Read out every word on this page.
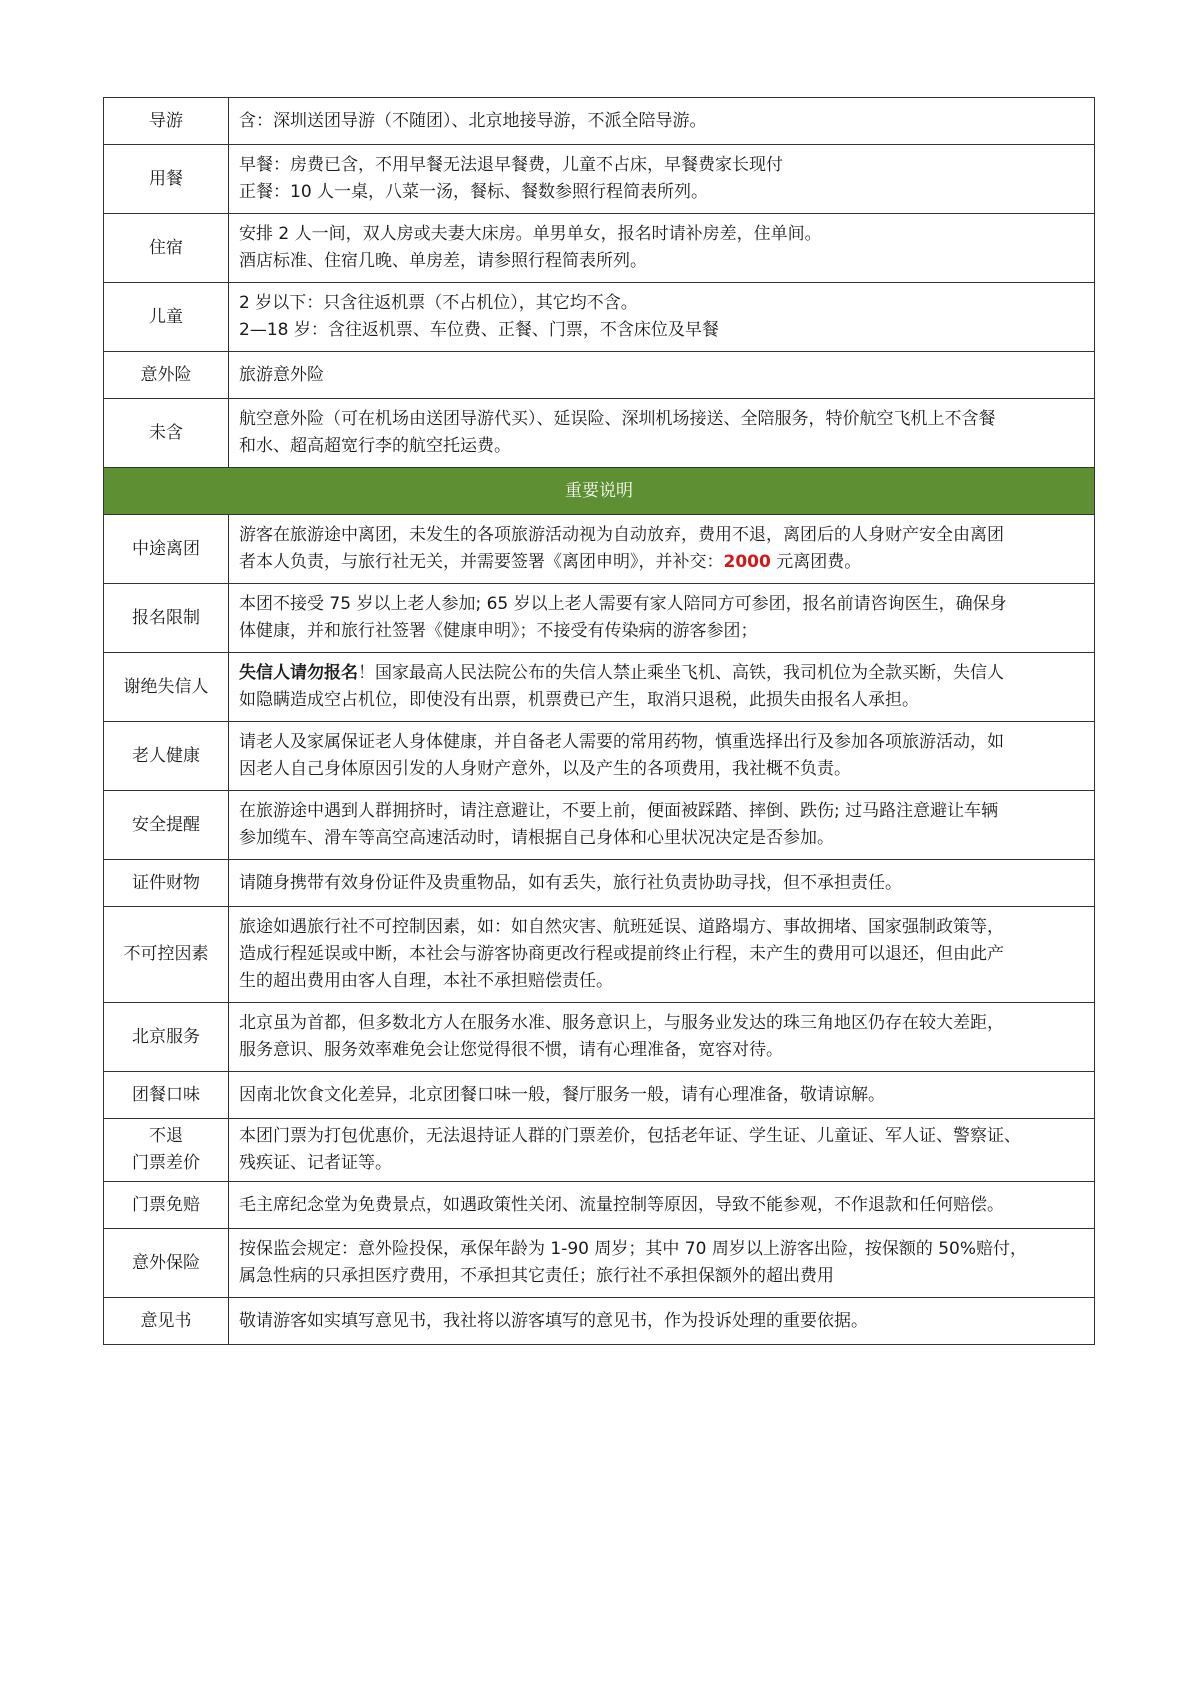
导游	含：深圳送团导游（不随团）、北京地接导游，不派全陪导游。

用餐	早餐：房费已含，不用早餐无法退早餐费，儿童不占床，早餐费家长现付
正餐：10 人一桌，八菜一汤，餐标、餐数参照行程简表所列。

住宿	安排 2 人一间，双人房或夫妻大床房。单男单女，报名时请补房差，住单间。
酒店标准、住宿几晚、单房差，请参照行程简表所列。

儿童	2 岁以下：只含往返机票（不占机位），其它均不含。
2—18 岁：含往返机票、车位费、正餐、门票，不含床位及早餐

意外险	旅游意外险

未含	航空意外险（可在机场由送团导游代买）、延误险、深圳机场接送、全陪服务，特价航空飞机上不含餐
和水、超高超宽行李的航空托运费。

重要说明	
中途离团	游客在旅游途中离团，未发生的各项旅游活动视为自动放弃，费用不退，离团后的人身财产安全由离团
者本人负责，与旅行社无关，并需要签署《离团申明》，并补交：2000 元离团费。

报名限制	本团不接受 75 岁以上老人参加; 65 岁以上老人需要有家人陪同方可参团，报名前请咨询医生，确保身
体健康，并和旅行社签署《健康申明》；不接受有传染病的游客参团；

谢绝失信人	失信人请勿报名！国家最高人民法院公布的失信人禁止乘坐飞机、高铁，我司机位为全款买断，失信人
如隐瞒造成空占机位，即使没有出票，机票费已产生，取消只退税，此损失由报名人承担。

老人健康	请老人及家属保证老人身体健康，并自备老人需要的常用药物，慎重选择出行及参加各项旅游活动，如
因老人自己身体原因引发的人身财产意外，以及产生的各项费用，我社概不负责。

安全提醒	在旅游途中遇到人群拥挤时，请注意避让，不要上前，便面被踩踏、摔倒、跌伤; 过马路注意避让车辆
参加缆车、滑车等高空高速活动时，请根据自己身体和心里状况决定是否参加。

证件财物	请随身携带有效身份证件及贵重物品，如有丢失，旅行社负责协助寻找，但不承担责任。

不可控因素	旅途如遇旅行社不可控制因素，如：如自然灾害、航班延误、道路塌方、事故拥堵、国家强制政策等，
造成行程延误或中断，本社会与游客协商更改行程或提前终止行程，未产生的费用可以退还，但由此产
生的超出费用由客人自理，本社不承担赔偿责任。

北京服务	北京虽为首都，但多数北方人在服务水准、服务意识上，与服务业发达的珠三角地区仍存在较大差距，
服务意识、服务效率难免会让您觉得很不惯，请有心理准备，宽容对待。

团餐口味	因南北饮食文化差异，北京团餐口味一般，餐厅服务一般，请有心理准备，敬请谅解。

不退
门票差价	本团门票为打包优惠价，无法退持证人群的门票差价，包括老年证、学生证、儿童证、军人证、警察证、
残疾证、记者证等。

门票免赔	毛主席纪念堂为免费景点，如遇政策性关闭、流量控制等原因，导致不能参观，不作退款和任何赔偿。

意外保险	按保监会规定：意外险投保，承保年龄为 1-90 周岁；其中 70 周岁以上游客出险，按保额的 50%赔付，
属急性病的只承担医疗费用，不承担其它责任；旅行社不承担保额外的超出费用

意见书	敬请游客如实填写意见书，我社将以游客填写的意见书，作为投诉处理的重要依据。
